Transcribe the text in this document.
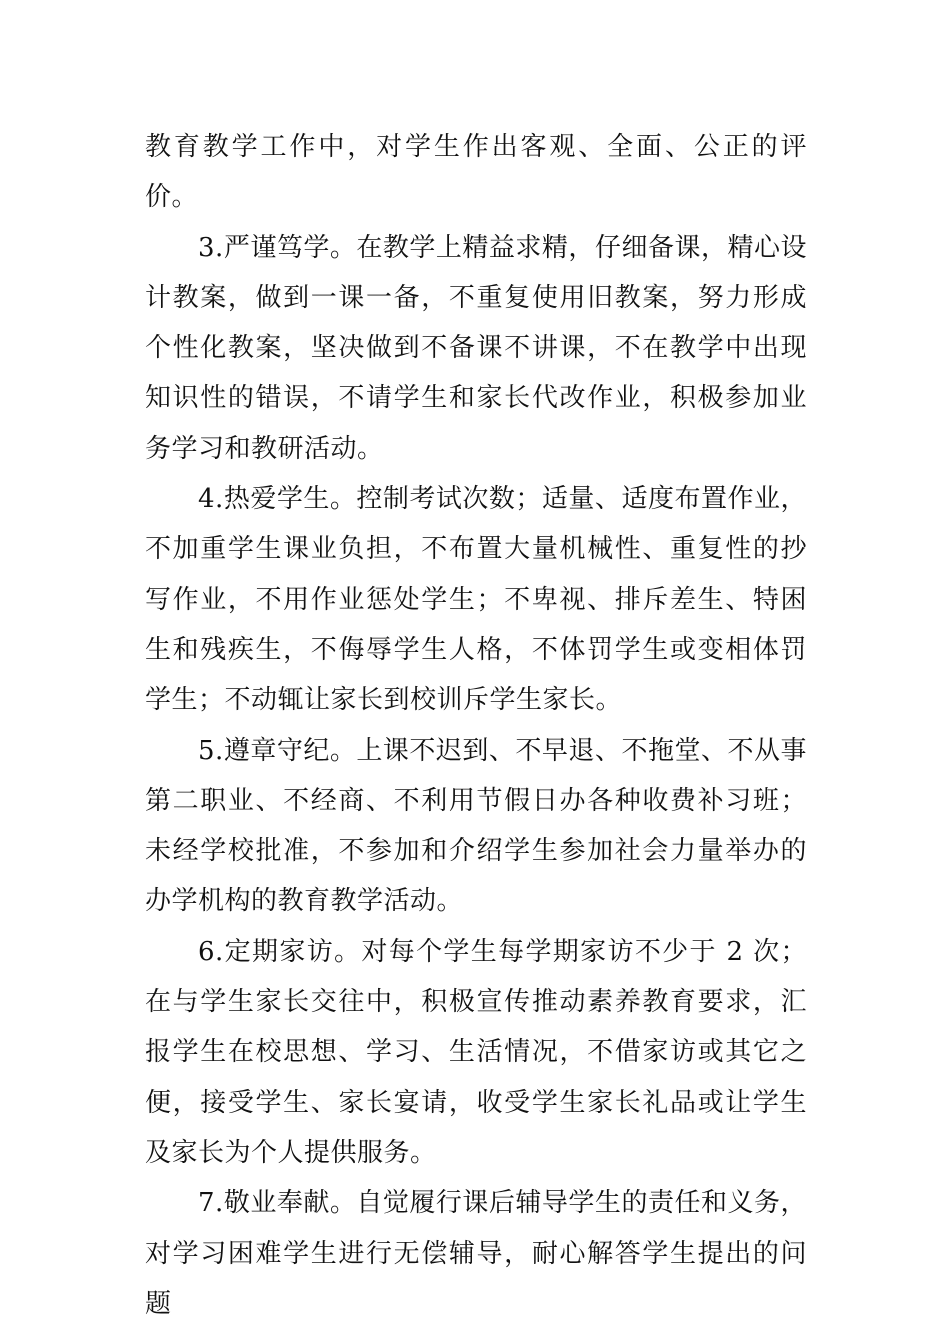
教育教学工作中，对学生作出客观、全面、公正的评价。

3.严谨笃学。在教学上精益求精，仔细备课，精心设计教案，做到一课一备，不重复使用旧教案，努力形成个性化教案，坚决做到不备课不讲课，不在教学中出现知识性的错误，不请学生和家长代改作业，积极参加业务学习和教研活动。

4.热爱学生。控制考试次数；适量、适度布置作业，不加重学生课业负担，不布置大量机械性、重复性的抄写作业，不用作业惩处学生；不卑视、排斥差生、特困生和残疾生，不侮辱学生人格，不体罚学生或变相体罚学生；不动辄让家长到校训斥学生家长。

5.遵章守纪。上课不迟到、不早退、不拖堂、不从事第二职业、不经商、不利用节假日办各种收费补习班；未经学校批准，不参加和介绍学生参加社会力量举办的办学机构的教育教学活动。

6.定期家访。对每个学生每学期家访不少于 2 次；在与学生家长交往中，积极宣传推动素养教育要求，汇报学生在校思想、学习、生活情况，不借家访或其它之便，接受学生、家长宴请，收受学生家长礼品或让学生及家长为个人提供服务。

7.敬业奉献。自觉履行课后辅导学生的责任和义务，对学习困难学生进行无偿辅导，耐心解答学生提出的问题
